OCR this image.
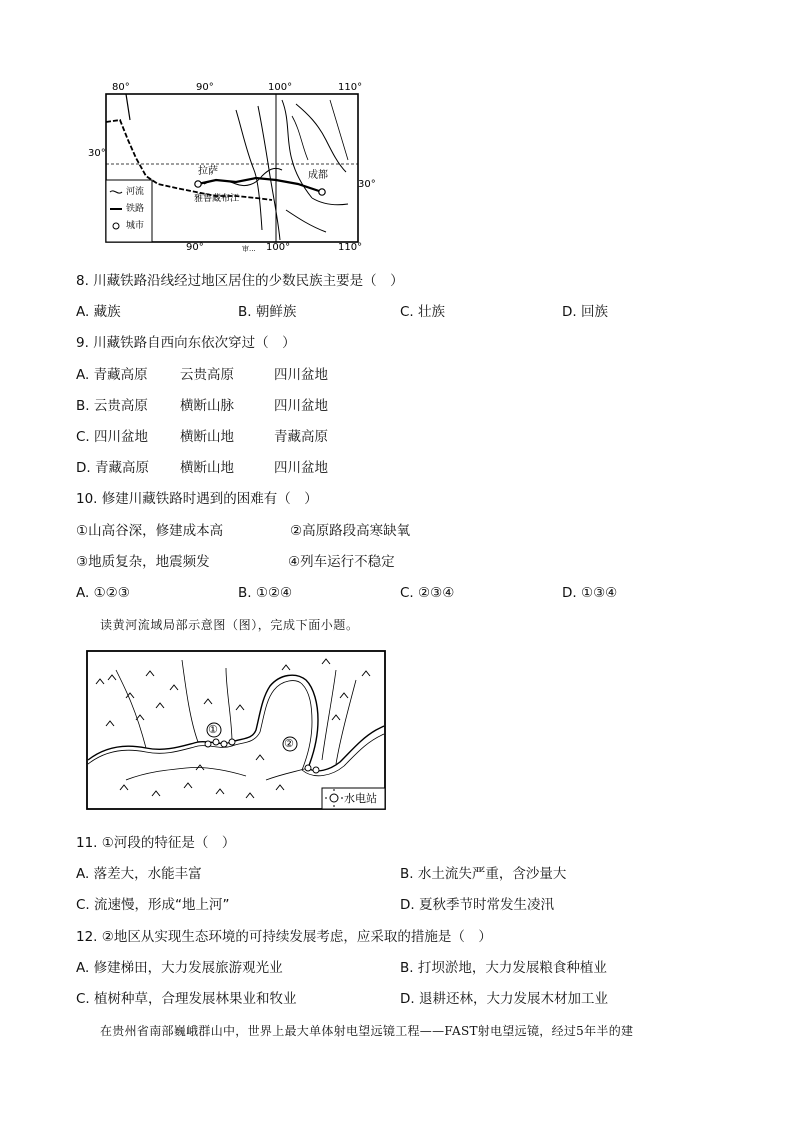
80°	90°	100°	110°
30°
30°
90°	100°	110°
拉萨
雅鲁藏布江
成都
河流
铁路
城市
审...
8. 川藏铁路沿线经过地区居住的少数民族主要是（　）
A. 藏族	B. 朝鲜族	C. 壮族	D. 回族
9. 川藏铁路自西向东依次穿过（　）
A. 青藏高原 云贵高原	四川盆地
B. 云贵高原 横断山脉	四川盆地
C. 四川盆地 横断山地	青藏高原
D. 青藏高原 横断山地	四川盆地
10. 修建川藏铁路时遇到的困难有（　）
①山高谷深，修建成本高	②高原路段高寒缺氧
③地质复杂，地震频发	④列车运行不稳定
A. ①②③	B. ①②④	C. ②③④	D. ①③④
读黄河流域局部示意图（图），完成下面小题。
①
②
水电站
11. ①河段的特征是（　）
A. 落差大，水能丰富	B. 水土流失严重，含沙量大
C. 流速慢，形成“地上河”	D. 夏秋季节时常发生凌汛
12. ②地区从实现生态环境的可持续发展考虑，应采取的措施是（　）
A. 修建梯田，大力发展旅游观光业	B. 打坝淤地，大力发展粮食种植业
C. 植树种草，合理发展林果业和牧业	D. 退耕还林，大力发展木材加工业
在贵州省南部巍峨群山中，世界上最大单体射电望远镜工程——FAST射电望远镜，经过5年半的建
